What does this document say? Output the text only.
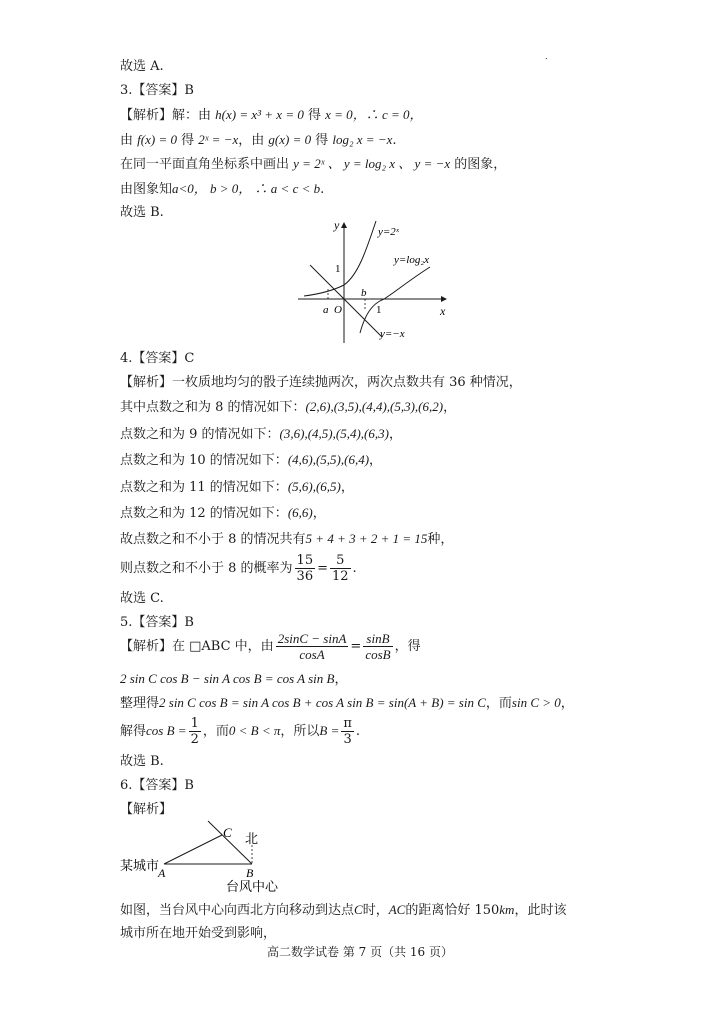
.
故选 A.
3.【答案】B
【解析】解：由 h(x) = x³ + x = 0 得 x = 0，∴ c = 0，
由 f(x) = 0 得 2ˣ = −x，由 g(x) = 0 得 log₂ x = −x.
在同一平面直角坐标系中画出 y = 2ˣ 、 y = log₂ x 、 y = −x 的图象，
由图象知a<0， b > 0， ∴ a < c < b.
故选 B.
y
x
y=2ˣ
y=log₂x
y=−x
1
1
a O
b
4.【答案】C
【解析】一枚质地均匀的骰子连续抛两次，两次点数共有 36 种情况，
其中点数之和为 8 的情况如下：(2,6),(3,5),(4,4),(5,3),(6,2)，
点数之和为 9 的情况如下：(3,6),(4,5),(5,4),(6,3)，
点数之和为 10 的情况如下：(4,6),(5,5),(6,4)，
点数之和为 11 的情况如下：(5,6),(6,5)，
点数之和为 12 的情况如下：(6,6)，
故点数之和不小于 8 的情况共有5 + 4 + 3 + 2 + 1 = 15种，
则点数之和不小于 8 的概率为 $\frac{15}{36} = \frac{5}{12}$ .
故选 C.
5.【答案】B
【解析】在 □ABC 中，由 $\frac{2\sin C - \sin A}{\cos A} = \frac{\sin B}{\cos B}$ ，得
2 sin C cos B − sin A cos B = cos A sin B，
整理得2 sin C cos B = sin A cos B + cos A sin B = sin(A + B) = sin C，而sin C > 0，
解得$\cos B = \frac{1}{2}$ ，而0 < B < π，所以$B = \frac{\pi}{3}$ .
故选 B.
6.【答案】B
【解析】
C 北
某城市
A	B
台风中心
如图，当台风中心向西北方向移动到达点C时，AC的距离恰好 150km，此时该
城市所在地开始受到影响，
高二数学试卷 第 7 页（共 16 页）
